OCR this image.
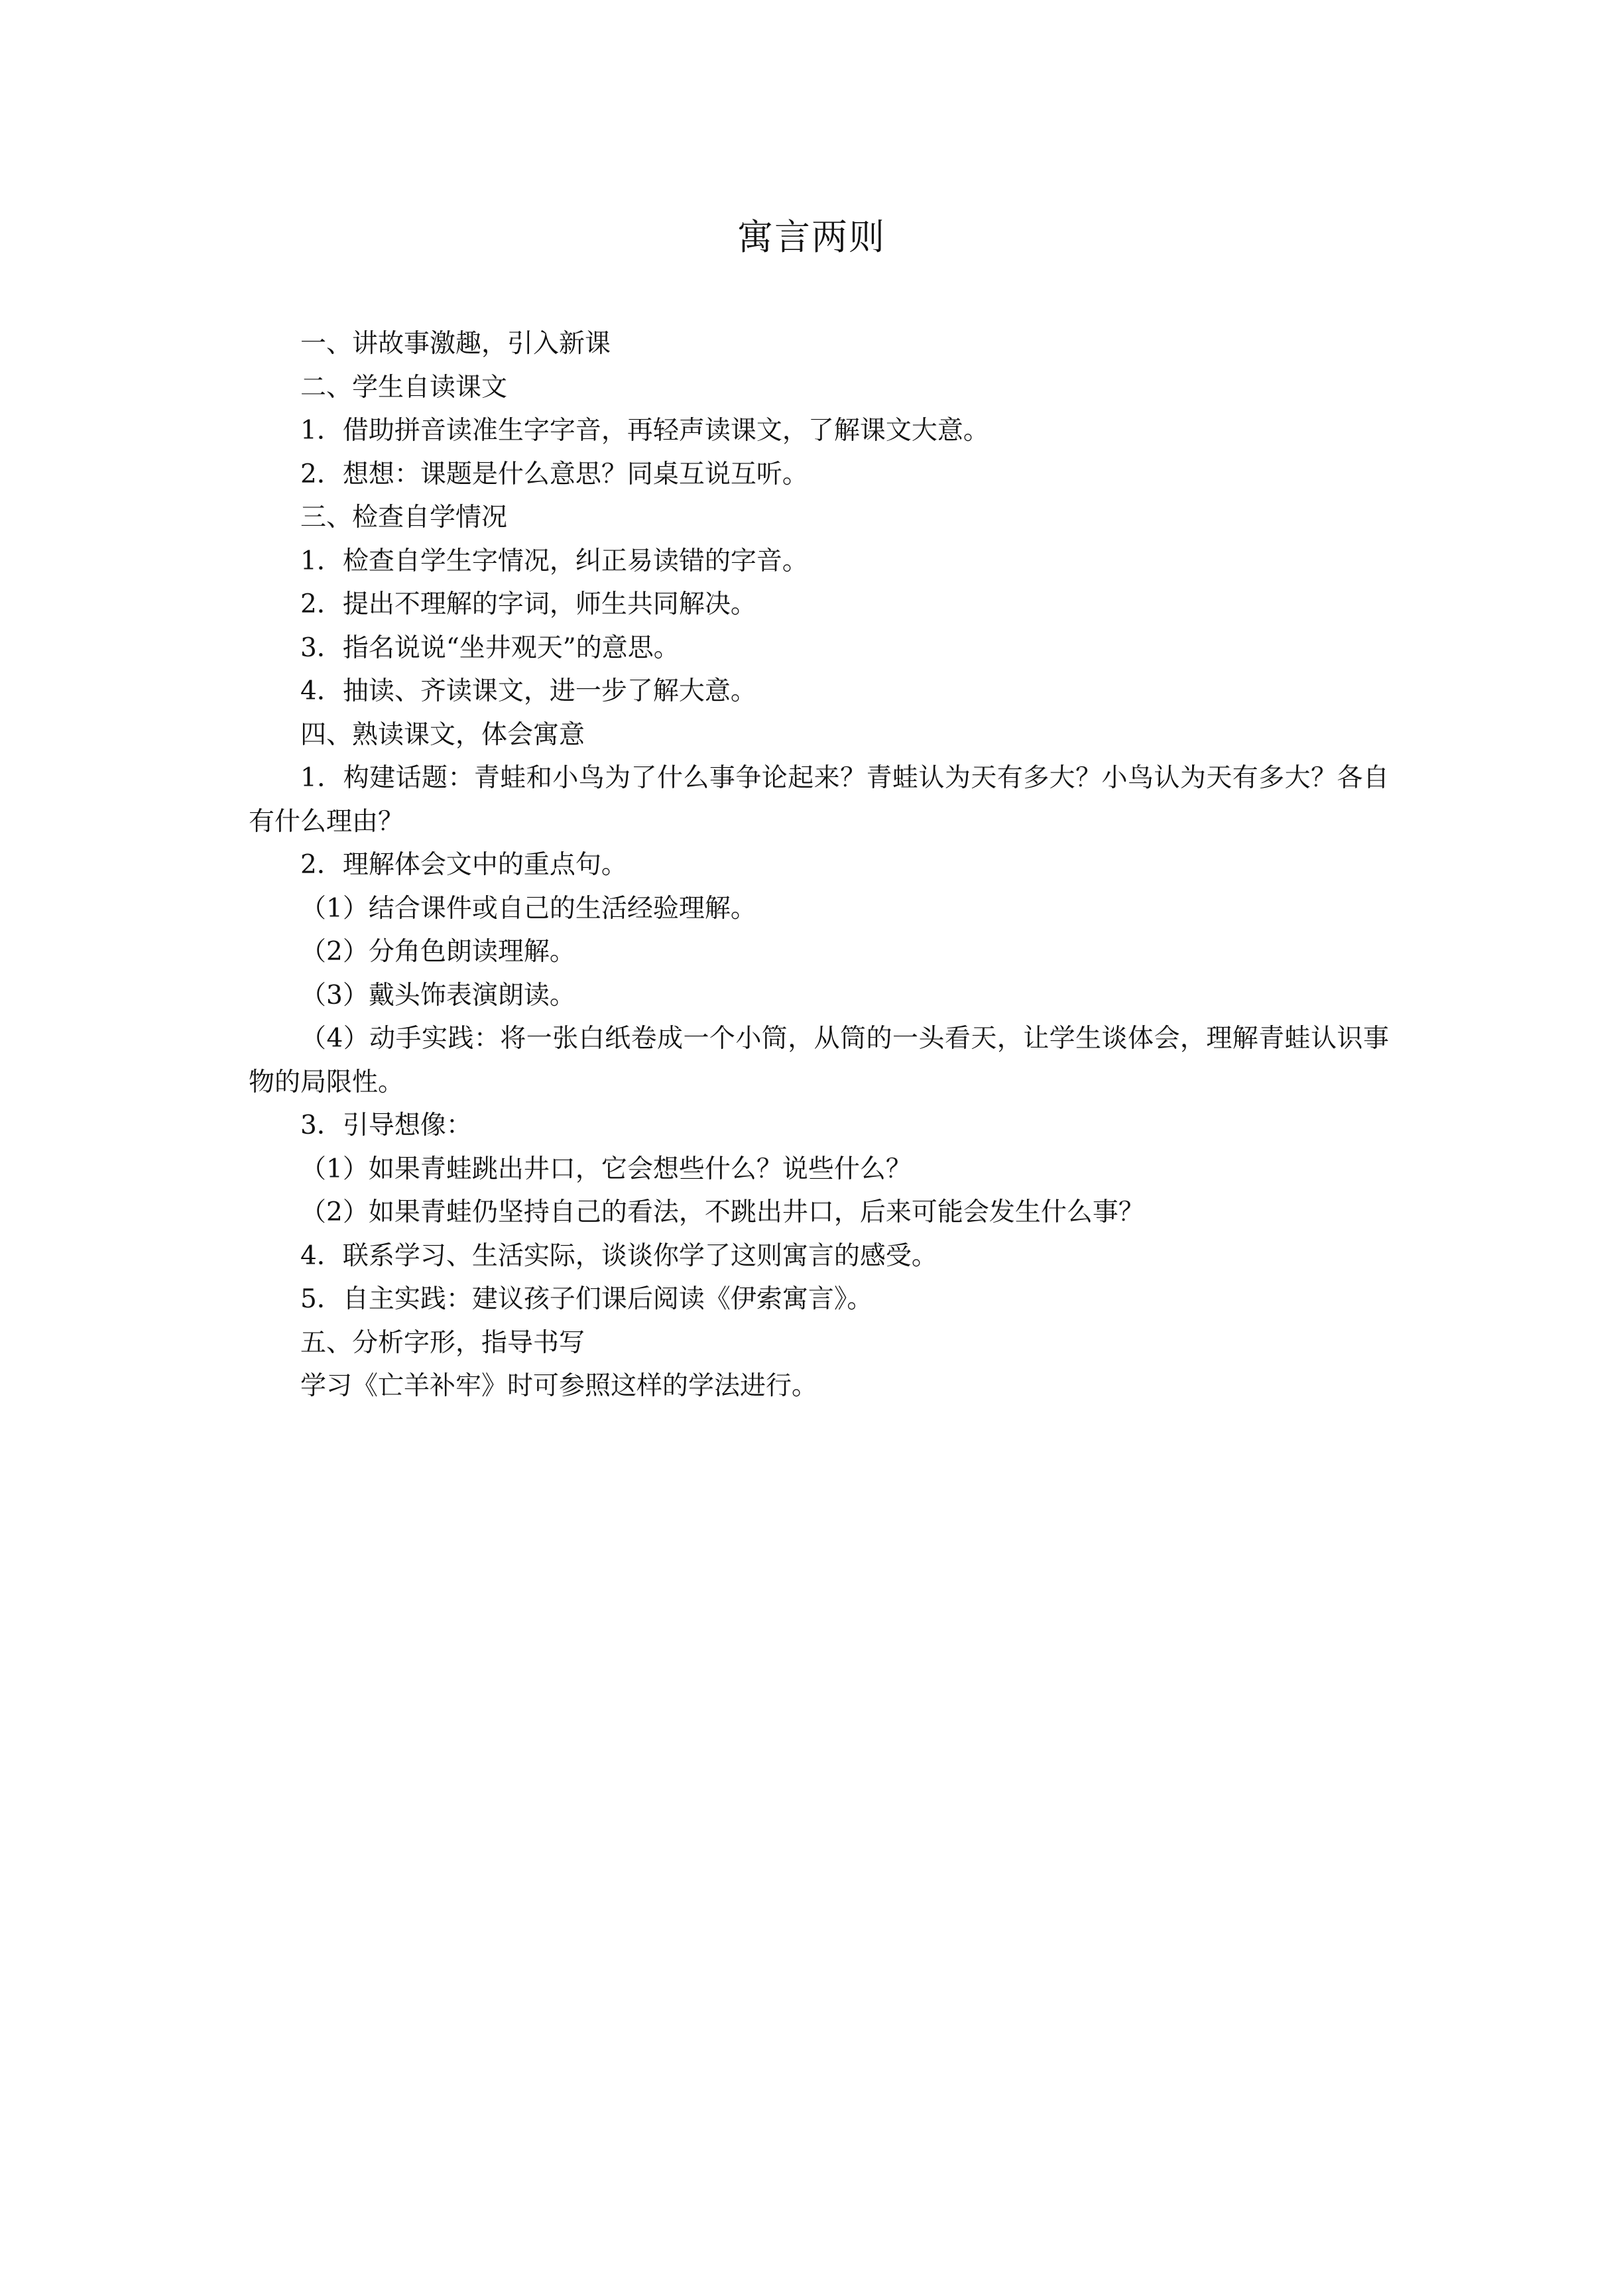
寓言两则

一、讲故事激趣，引入新课

二、学生自读课文

1．借助拼音读准生字字音，再轻声读课文，了解课文大意。

2．想想：课题是什么意思？同桌互说互听。

三、检查自学情况

1．检查自学生字情况，纠正易读错的字音。

2．提出不理解的字词，师生共同解决。

3．指名说说“坐井观天”的意思。

4．抽读、齐读课文，进一步了解大意。

四、熟读课文，体会寓意

1．构建话题：青蛙和小鸟为了什么事争论起来？青蛙认为天有多大？小鸟认为天有多大？各自有什么理由？

2．理解体会文中的重点句。

（1）结合课件或自己的生活经验理解。

（2）分角色朗读理解。

（3）戴头饰表演朗读。

（4）动手实践：将一张白纸卷成一个小筒，从筒的一头看天，让学生谈体会，理解青蛙认识事物的局限性。

3．引导想像：

（1）如果青蛙跳出井口，它会想些什么？说些什么？

（2）如果青蛙仍坚持自己的看法，不跳出井口，后来可能会发生什么事？

4．联系学习、生活实际，谈谈你学了这则寓言的感受。

5．自主实践：建议孩子们课后阅读《伊索寓言》。

五、分析字形，指导书写

学习《亡羊补牢》时可参照这样的学法进行。
